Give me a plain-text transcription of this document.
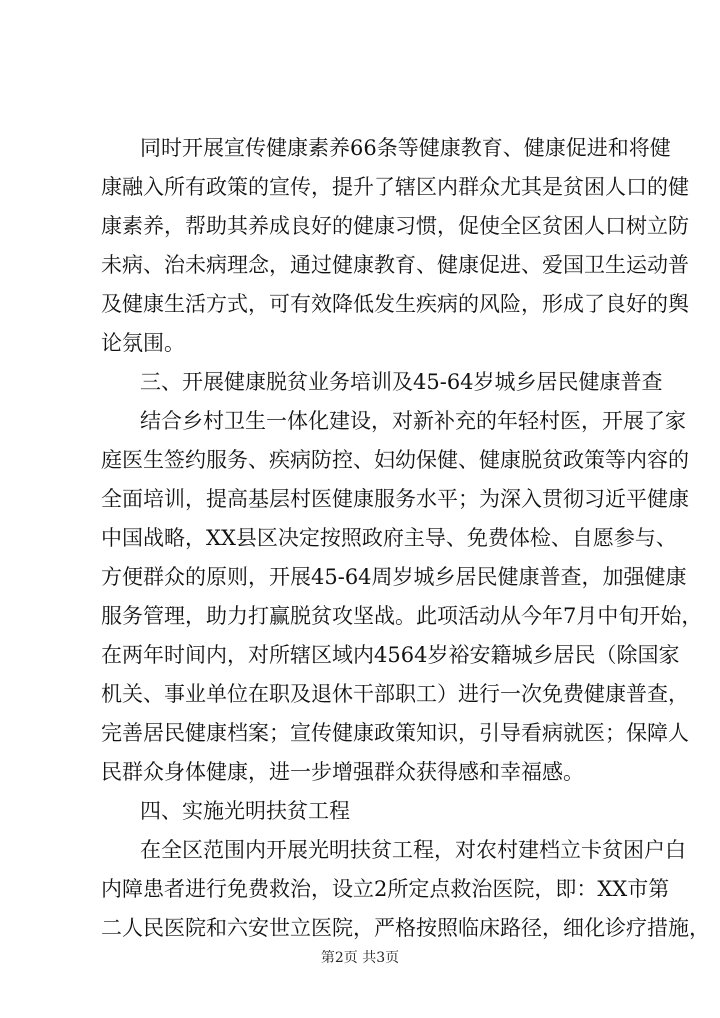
同时开展宣传健康素养66条等健康教育、健康促进和将健
康融入所有政策的宣传，提升了辖区内群众尤其是贫困人口的健
康素养，帮助其养成良好的健康习惯，促使全区贫困人口树立防
未病、治未病理念，通过健康教育、健康促进、爱国卫生运动普
及健康生活方式，可有效降低发生疾病的风险，形成了良好的舆
论氛围。
三、开展健康脱贫业务培训及45-64岁城乡居民健康普查
结合乡村卫生一体化建设，对新补充的年轻村医，开展了家
庭医生签约服务、疾病防控、妇幼保健、健康脱贫政策等内容的
全面培训，提高基层村医健康服务水平；为深入贯彻习近平健康
中国战略，XX县区决定按照政府主导、免费体检、自愿参与、
方便群众的原则，开展45-64周岁城乡居民健康普查，加强健康
服务管理，助力打赢脱贫攻坚战。此项活动从今年7月中旬开始，
在两年时间内，对所辖区域内4564岁裕安籍城乡居民（除国家
机关、事业单位在职及退休干部职工）进行一次免费健康普查，
完善居民健康档案；宣传健康政策知识，引导看病就医；保障人
民群众身体健康，进一步增强群众获得感和幸福感。
四、实施光明扶贫工程
在全区范围内开展光明扶贫工程，对农村建档立卡贫困户白
内障患者进行免费救治，设立2所定点救治医院，即：XX市第
二人民医院和六安世立医院，严格按照临床路径，细化诊疗措施，
第2页 共3页
